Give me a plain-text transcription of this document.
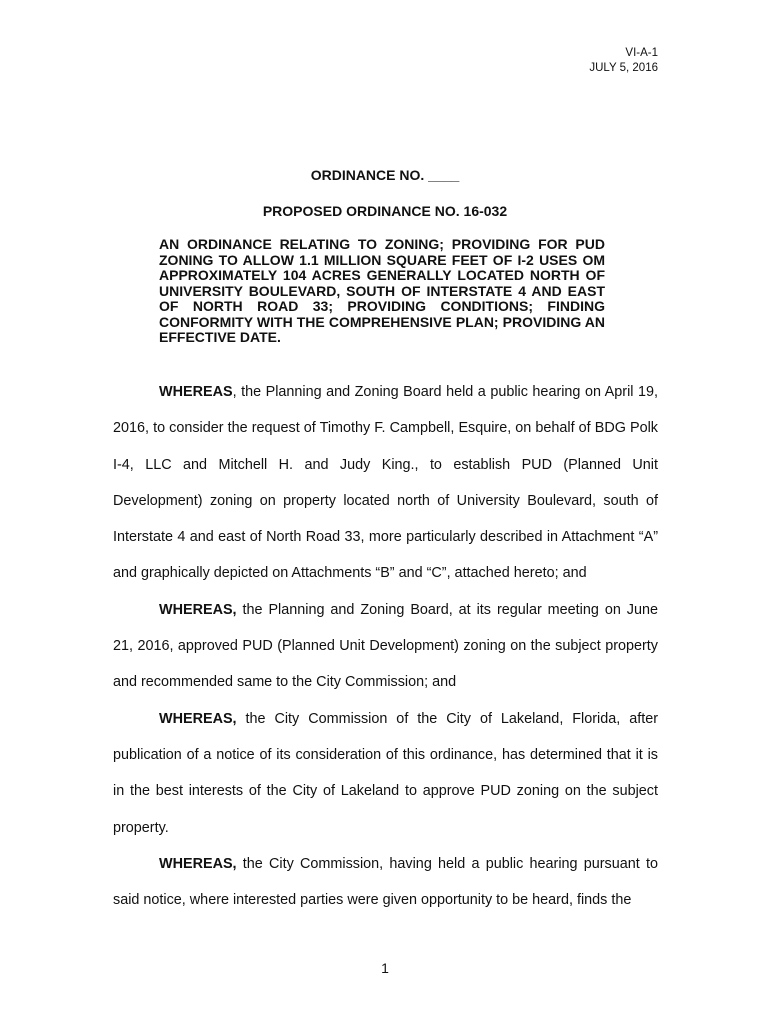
VI-A-1
JULY 5, 2016
ORDINANCE NO. ____
PROPOSED ORDINANCE NO. 16-032
AN ORDINANCE RELATING TO ZONING; PROVIDING FOR PUD ZONING TO ALLOW 1.1 MILLION SQUARE FEET OF I-2 USES OM APPROXIMATELY 104 ACRES GENERALLY LOCATED NORTH OF UNIVERSITY BOULEVARD, SOUTH OF INTERSTATE 4 AND EAST OF NORTH ROAD 33; PROVIDING CONDITIONS; FINDING CONFORMITY WITH THE COMPREHENSIVE PLAN; PROVIDING AN EFFECTIVE DATE.

WHEREAS, the Planning and Zoning Board held a public hearing on April 19, 2016, to consider the request of Timothy F. Campbell, Esquire, on behalf of BDG Polk I-4, LLC and Mitchell H. and Judy King., to establish PUD (Planned Unit Development) zoning on property located north of University Boulevard, south of Interstate 4 and east of North Road 33, more particularly described in Attachment “A” and graphically depicted on Attachments “B” and “C”, attached hereto; and

WHEREAS, the Planning and Zoning Board, at its regular meeting on June 21, 2016, approved PUD (Planned Unit Development) zoning on the subject property and recommended same to the City Commission; and

WHEREAS, the City Commission of the City of Lakeland, Florida, after publication of a notice of its consideration of this ordinance, has determined that it is in the best interests of the City of Lakeland to approve PUD zoning on the subject property.

WHEREAS, the City Commission, having held a public hearing pursuant to said notice, where interested parties were given opportunity to be heard, finds the

1
